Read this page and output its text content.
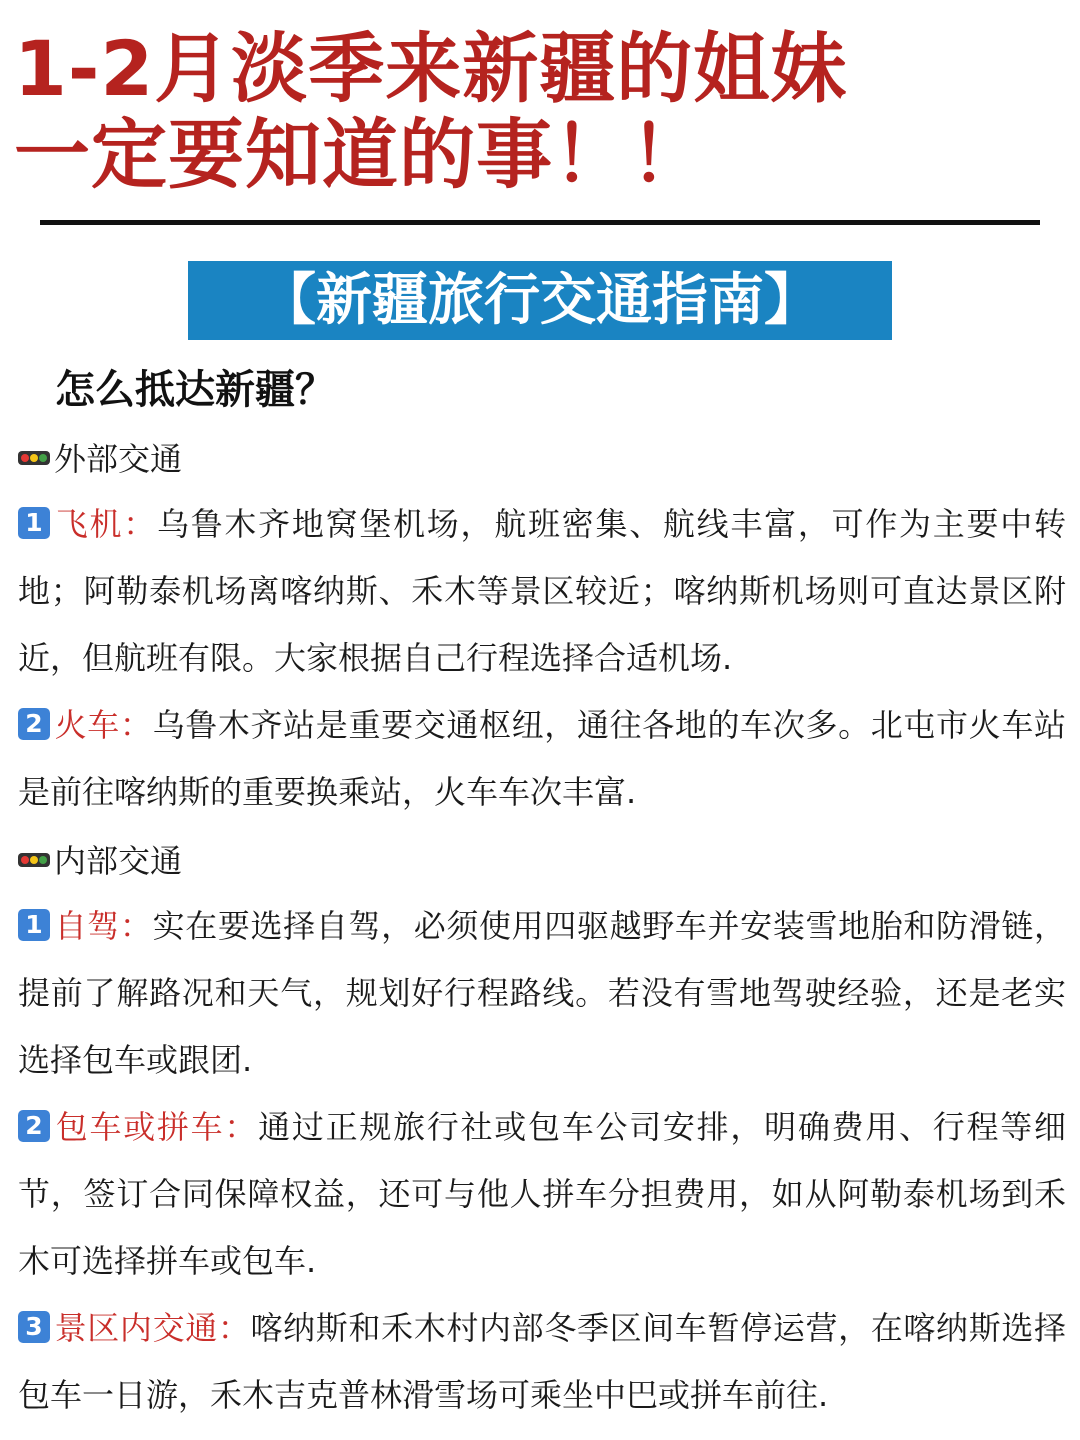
1-2月淡季来新疆的姐妹
一定要知道的事！！
【新疆旅行交通指南】
怎么抵达新疆？
外部交通
1 飞机：乌鲁木齐地窝堡机场，航班密集、航线丰富，可作为主要中转地；阿勒泰机场离喀纳斯、禾木等景区较近；喀纳斯机场则可直达景区附近，但航班有限。大家根据自己行程选择合适机场.
2 火车：乌鲁木齐站是重要交通枢纽，通往各地的车次多。北屯市火车站是前往喀纳斯的重要换乘站，火车车次丰富.
内部交通
1 自驾：实在要选择自驾，必须使用四驱越野车并安装雪地胎和防滑链，提前了解路况和天气，规划好行程路线。若没有雪地驾驶经验，还是老实选择包车或跟团.
2 包车或拼车：通过正规旅行社或包车公司安排，明确费用、行程等细节，签订合同保障权益，还可与他人拼车分担费用，如从阿勒泰机场到禾木可选择拼车或包车.
3 景区内交通：喀纳斯和禾木村内部冬季区间车暂停运营，在喀纳斯选择包车一日游，禾木吉克普林滑雪场可乘坐中巴或拼车前往.
